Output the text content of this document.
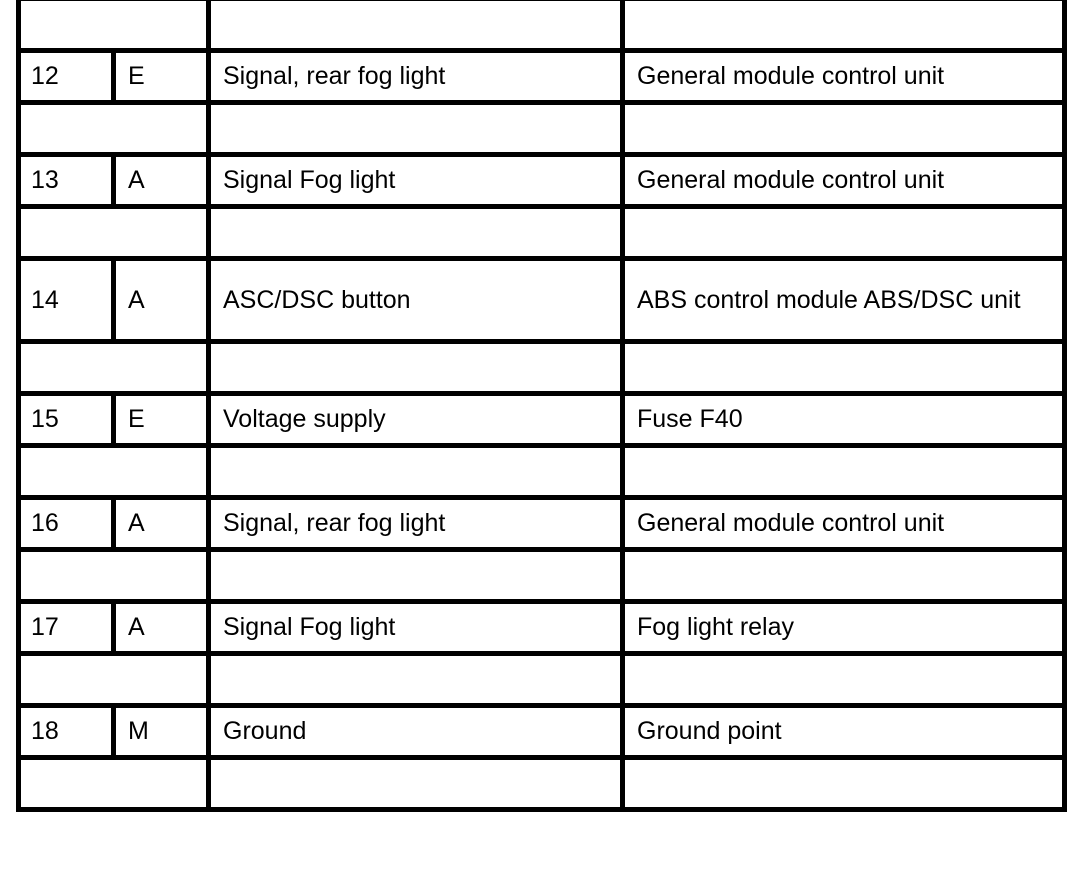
12	E	Signal, rear fog light	General module control unit

13	A	Signal Fog light	General module control unit

14	A	ASC/DSC button	ABS control module ABS/DSC unit

15	E	Voltage supply	Fuse F40

16	A	Signal, rear fog light	General module control unit

17	A	Signal Fog light	Fog light relay

18	M	Ground	Ground point
